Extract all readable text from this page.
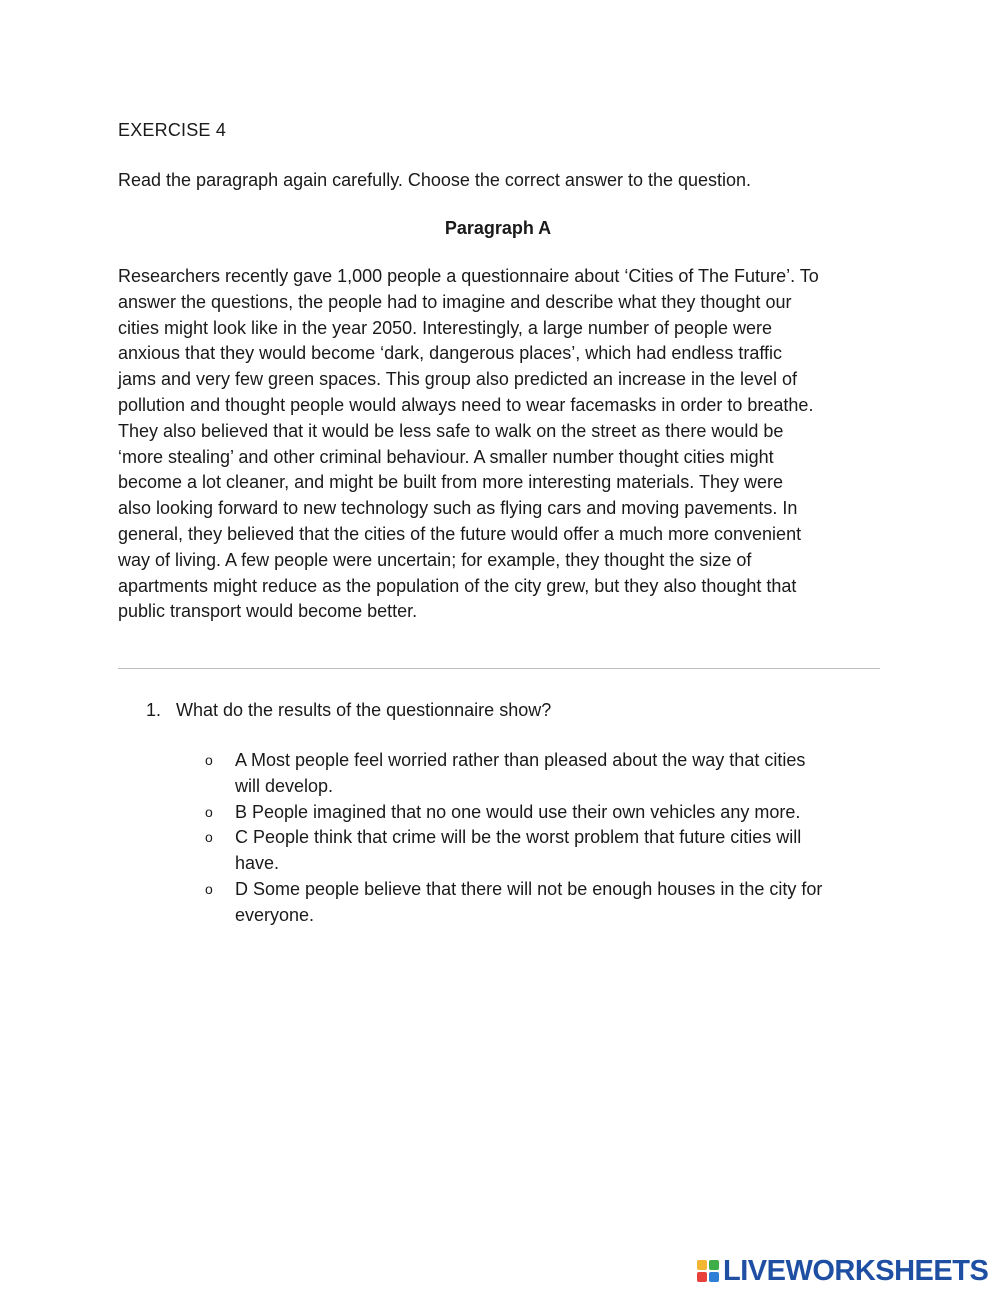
EXERCISE 4
Read the paragraph again carefully. Choose the correct answer to the question.
Paragraph A
Researchers recently gave 1,000 people a questionnaire about ‘Cities of The Future’. To
answer the questions, the people had to imagine and describe what they thought our
cities might look like in the year 2050. Interestingly, a large number of people were
anxious that they would become ‘dark, dangerous places’, which had endless traffic
jams and very few green spaces. This group also predicted an increase in the level of
pollution and thought people would always need to wear facemasks in order to breathe.
They also believed that it would be less safe to walk on the street as there would be
‘more stealing’ and other criminal behaviour. A smaller number thought cities might
become a lot cleaner, and might be built from more interesting materials. They were
also looking forward to new technology such as flying cars and moving pavements. In
general, they believed that the cities of the future would offer a much more convenient
way of living. A few people were uncertain; for example, they thought the size of
apartments might reduce as the population of the city grew, but they also thought that
public transport would become better.
1. What do the results of the questionnaire show?
o A Most people feel worried rather than pleased about the way that cities
will develop.
o B People imagined that no one would use their own vehicles any more.
o C People think that crime will be the worst problem that future cities will
have.
o D Some people believe that there will not be enough houses in the city for
everyone.
LIVEWORKSHEETS
